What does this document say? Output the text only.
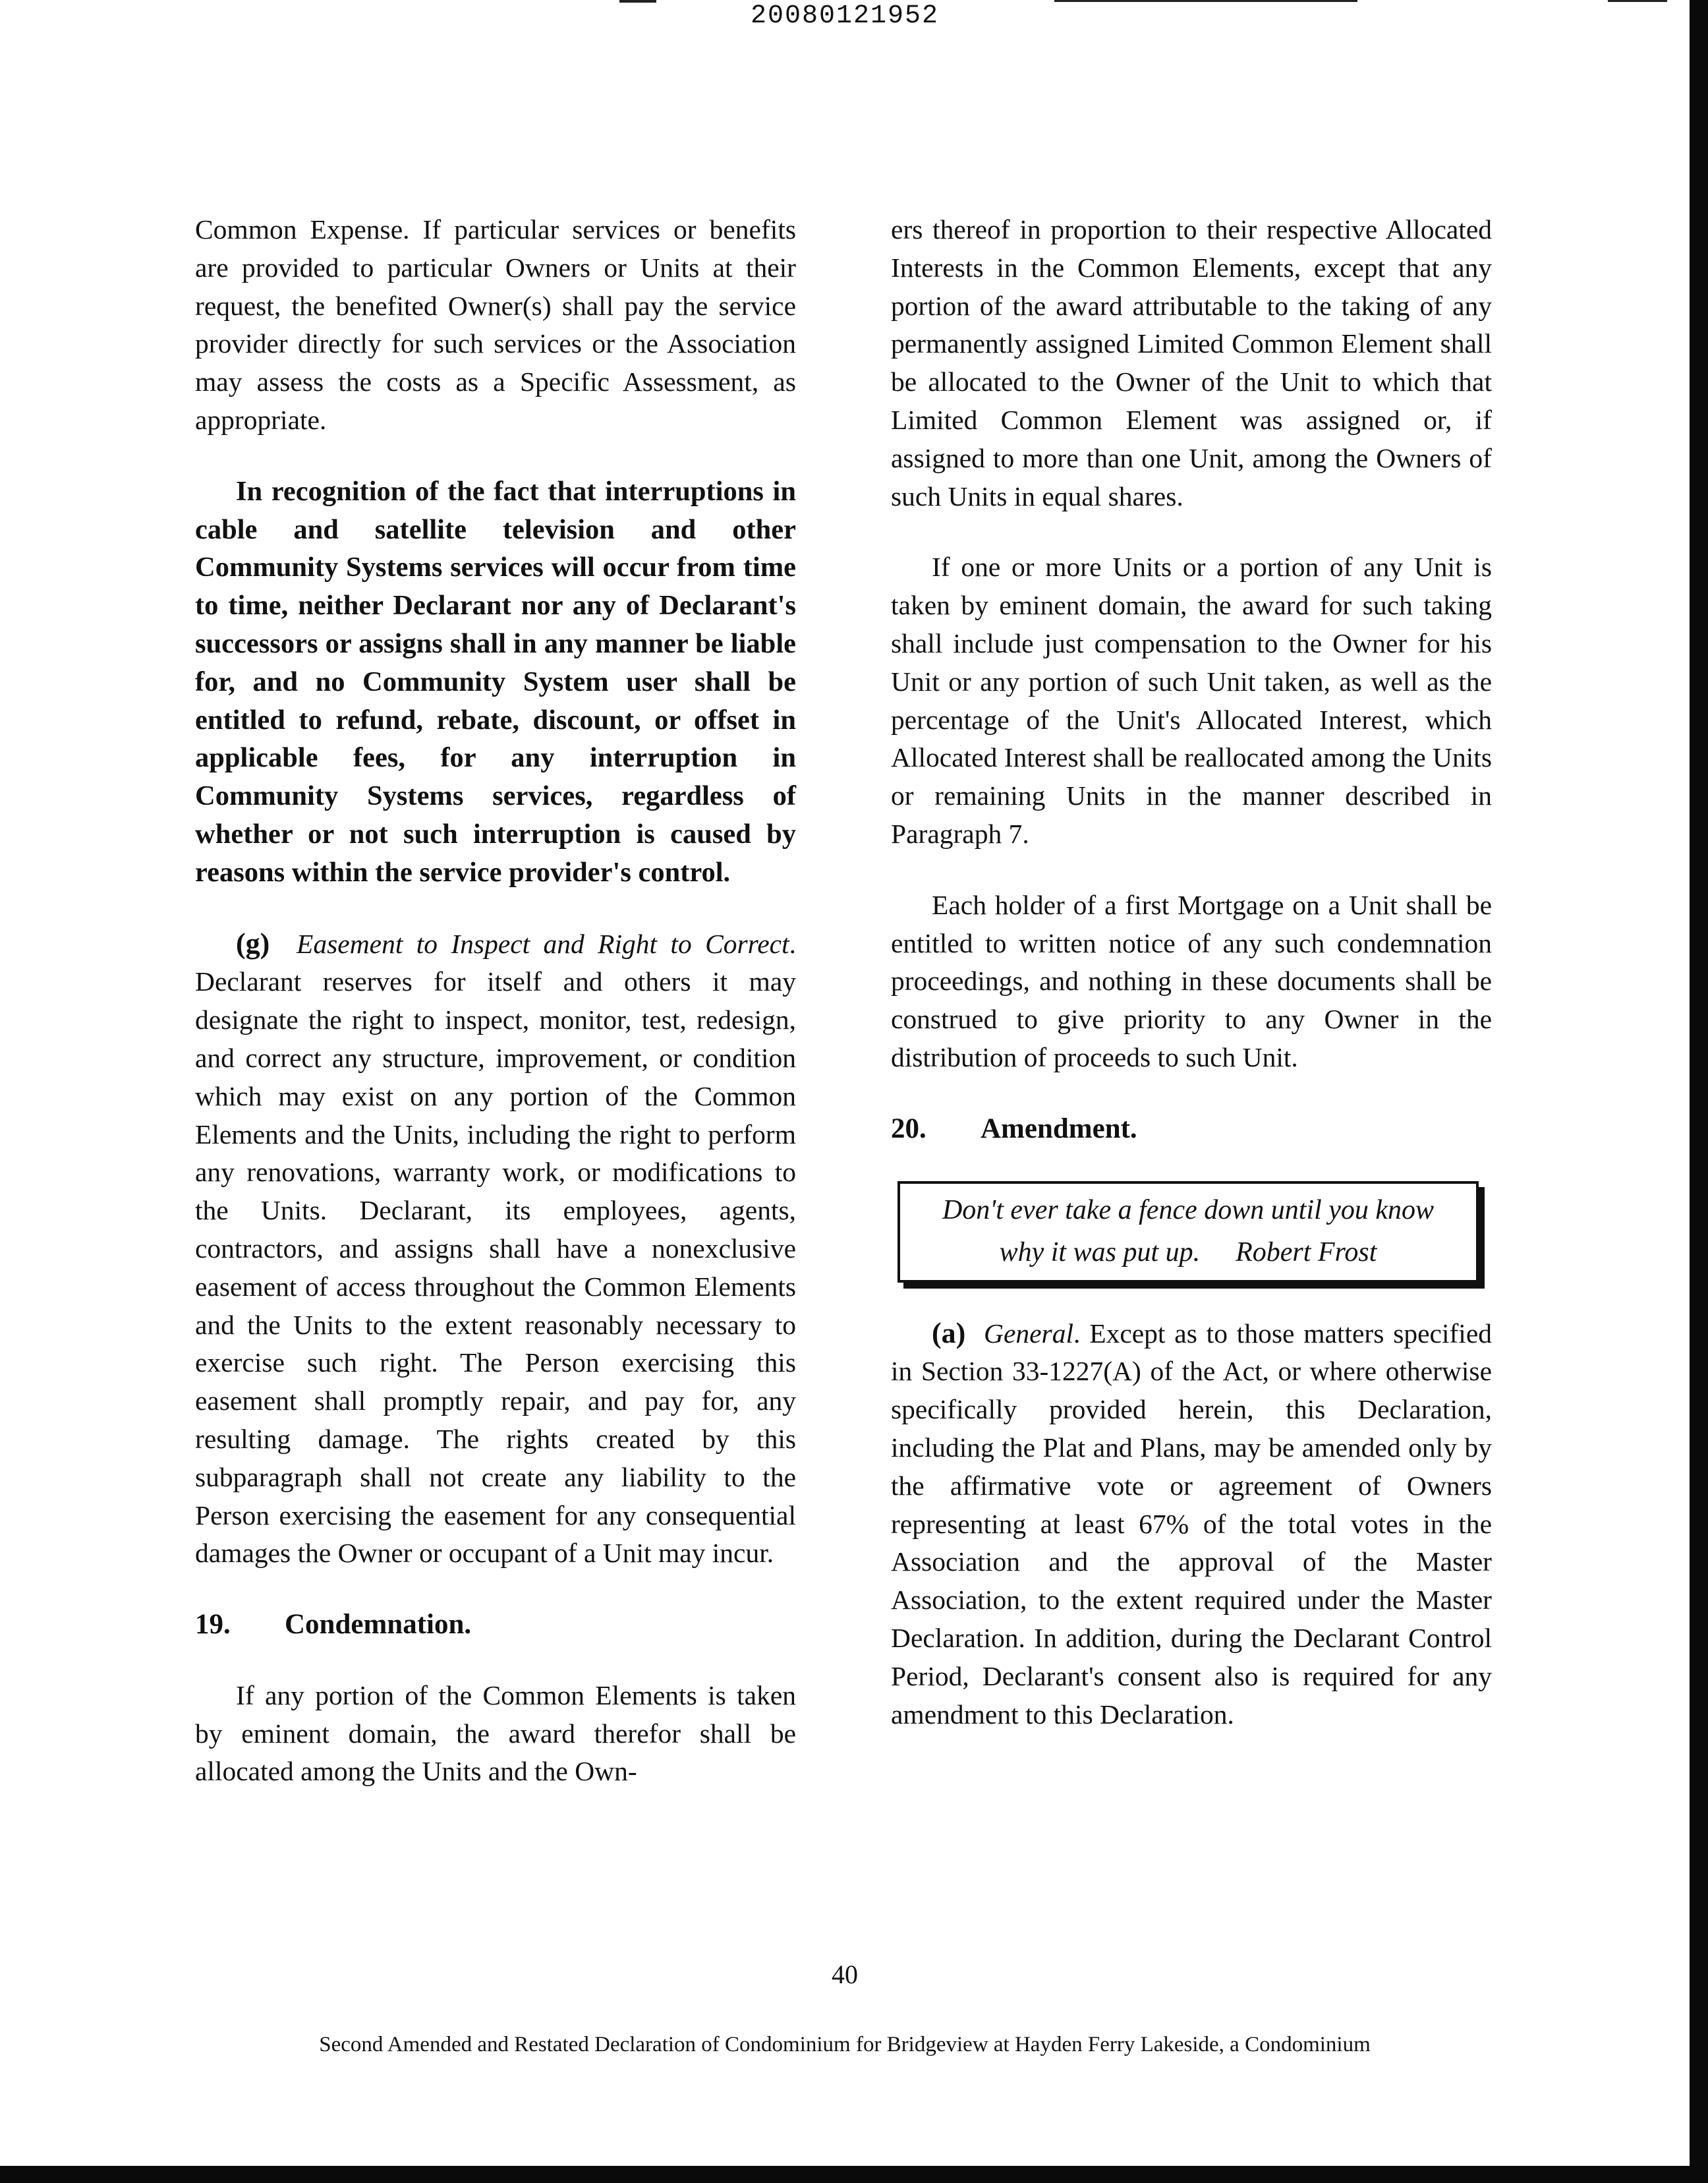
20080121952

Common Expense. If particular services or benefits are provided to particular Owners or Units at their request, the benefited Owner(s) shall pay the service provider directly for such services or the Association may assess the costs as a Specific Assessment, as appropriate.

In recognition of the fact that interruptions in cable and satellite television and other Community Systems services will occur from time to time, neither Declarant nor any of Declarant's successors or assigns shall in any manner be liable for, and no Community System user shall be entitled to refund, rebate, discount, or offset in applicable fees, for any interruption in Community Systems services, regardless of whether or not such interruption is caused by reasons within the service provider's control.

(g) Easement to Inspect and Right to Correct. Declarant reserves for itself and others it may designate the right to inspect, monitor, test, redesign, and correct any structure, improvement, or condition which may exist on any portion of the Common Elements and the Units, including the right to perform any renovations, warranty work, or modifications to the Units. Declarant, its employees, agents, contractors, and assigns shall have a nonexclusive easement of access throughout the Common Elements and the Units to the extent reasonably necessary to exercise such right. The Person exercising this easement shall promptly repair, and pay for, any resulting damage. The rights created by this subparagraph shall not create any liability to the Person exercising the easement for any consequential damages the Owner or occupant of a Unit may incur.

19.	Condemnation.

If any portion of the Common Elements is taken by eminent domain, the award therefor shall be allocated among the Units and the Own-

ers thereof in proportion to their respective Allocated Interests in the Common Elements, except that any portion of the award attributable to the taking of any permanently assigned Limited Common Element shall be allocated to the Owner of the Unit to which that Limited Common Element was assigned or, if assigned to more than one Unit, among the Owners of such Units in equal shares.

If one or more Units or a portion of any Unit is taken by eminent domain, the award for such taking shall include just compensation to the Owner for his Unit or any portion of such Unit taken, as well as the percentage of the Unit's Allocated Interest, which Allocated Interest shall be reallocated among the Units or remaining Units in the manner described in Paragraph 7.

Each holder of a first Mortgage on a Unit shall be entitled to written notice of any such condemnation proceedings, and nothing in these documents shall be construed to give priority to any Owner in the distribution of proceeds to such Unit.

20.	Amendment.
Don't ever take a fence down until you know
why it was put up. Robert Frost

(a) General. Except as to those matters specified in Section 33-1227(A) of the Act, or where otherwise specifically provided herein, this Declaration, including the Plat and Plans, may be amended only by the affirmative vote or agreement of Owners representing at least 67% of the total votes in the Association and the approval of the Master Association, to the extent required under the Master Declaration. In addition, during the Declarant Control Period, Declarant's consent also is required for any amendment to this Declaration.

40
Second Amended and Restated Declaration of Condominium for Bridgeview at Hayden Ferry Lakeside, a Condominium
